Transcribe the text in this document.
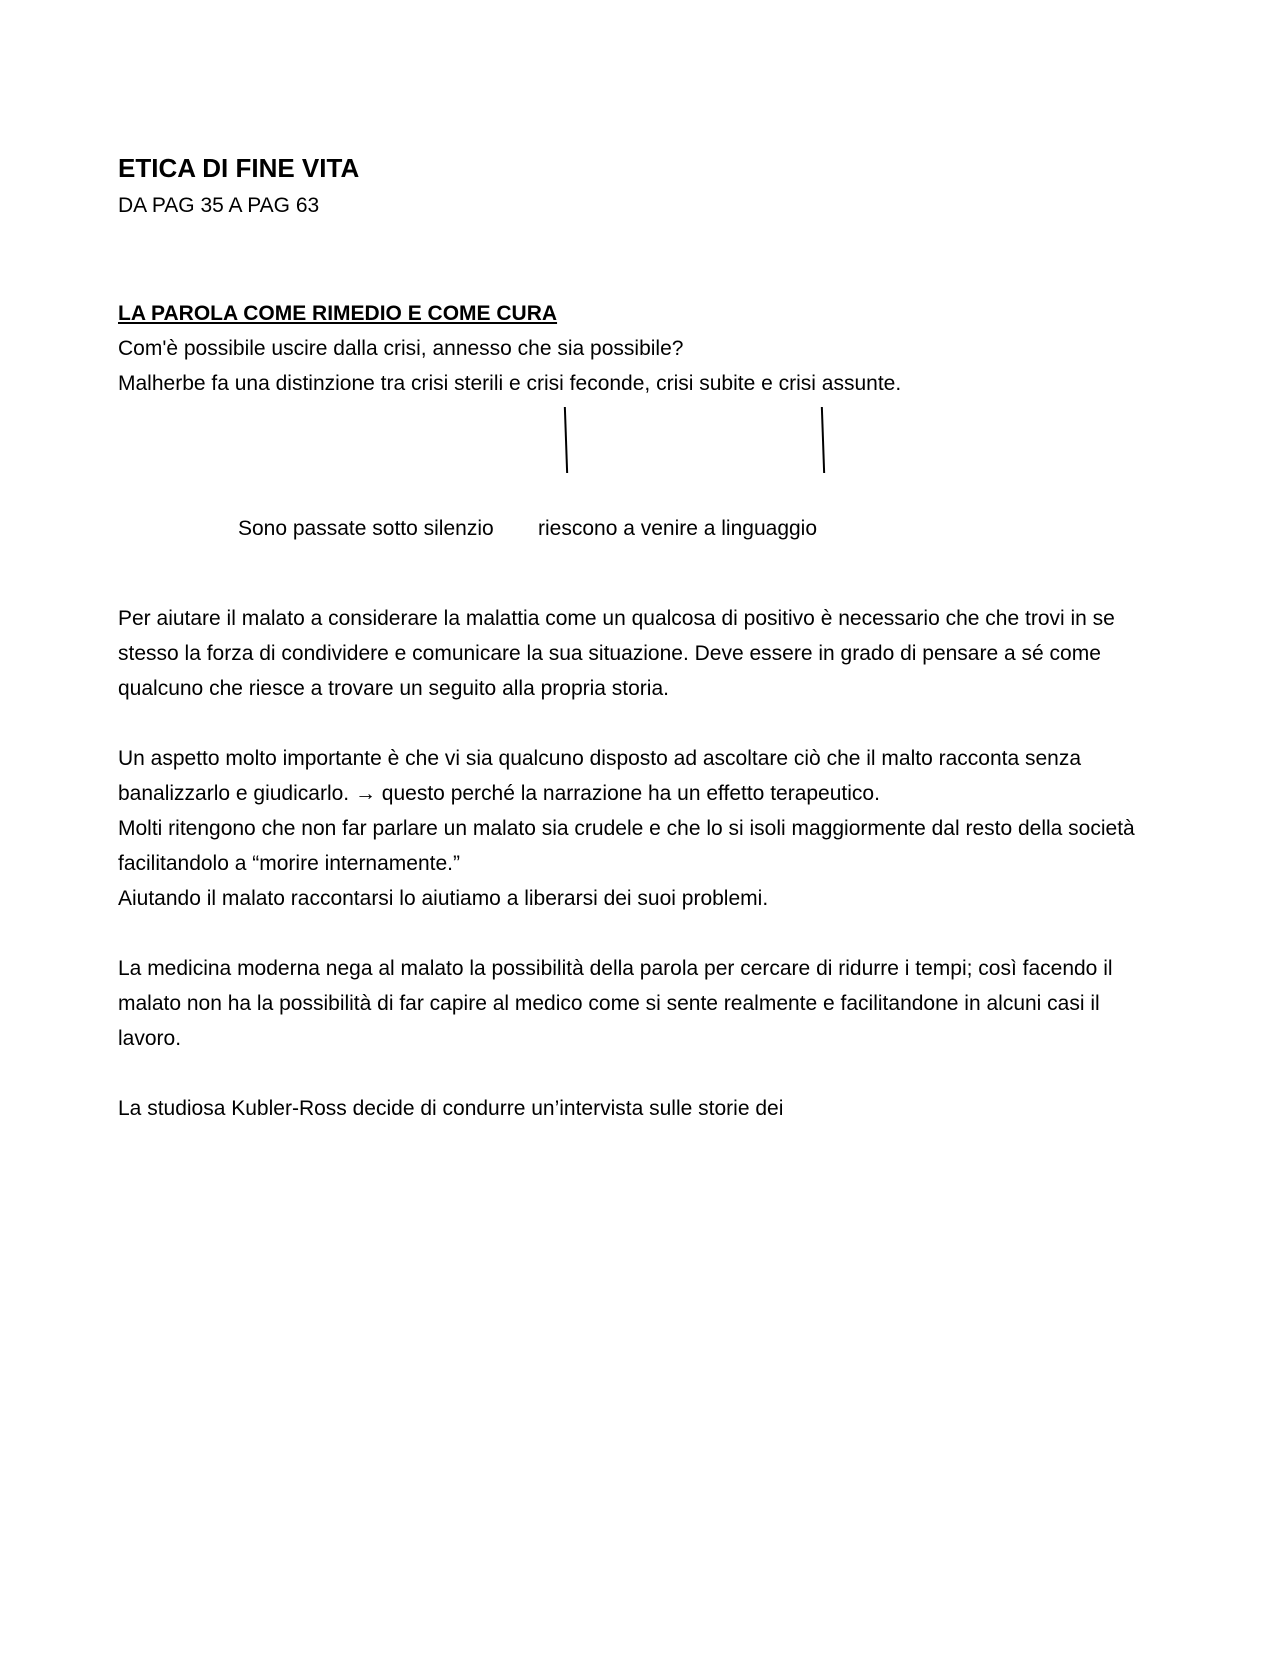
ETICA DI FINE VITA

DA PAG 35 A PAG 63

LA PAROLA COME RIMEDIO E COME CURA

Com'è possibile uscire dalla crisi, annesso che sia possibile?

Malherbe fa una distinzione tra crisi sterili e crisi feconde, crisi subite e crisi assunte.

Sono passate sotto silenzio riescono a venire a linguaggio

Per aiutare il malato a considerare la malattia come un qualcosa di positivo è necessario che che trovi in se stesso la forza di condividere e comunicare la sua situazione. Deve essere in grado di pensare a sé come qualcuno che riesce a trovare un seguito alla propria storia.

Un aspetto molto importante è che vi sia qualcuno disposto ad ascoltare ciò che il malto racconta senza banalizzarlo e giudicarlo. → questo perché la narrazione ha un effetto terapeutico.

Molti ritengono che non far parlare un malato sia crudele e che lo si isoli maggiormente dal resto della società facilitandolo a “morire internamente.”

Aiutando il malato raccontarsi lo aiutiamo a liberarsi dei suoi problemi.

La medicina moderna nega al malato la possibilità della parola per cercare di ridurre i tempi; così facendo il malato non ha la possibilità di far capire al medico come si sente realmente e facilitandone in alcuni casi il lavoro.

La studiosa Kubler-Ross decide di condurre un’intervista sulle storie dei
